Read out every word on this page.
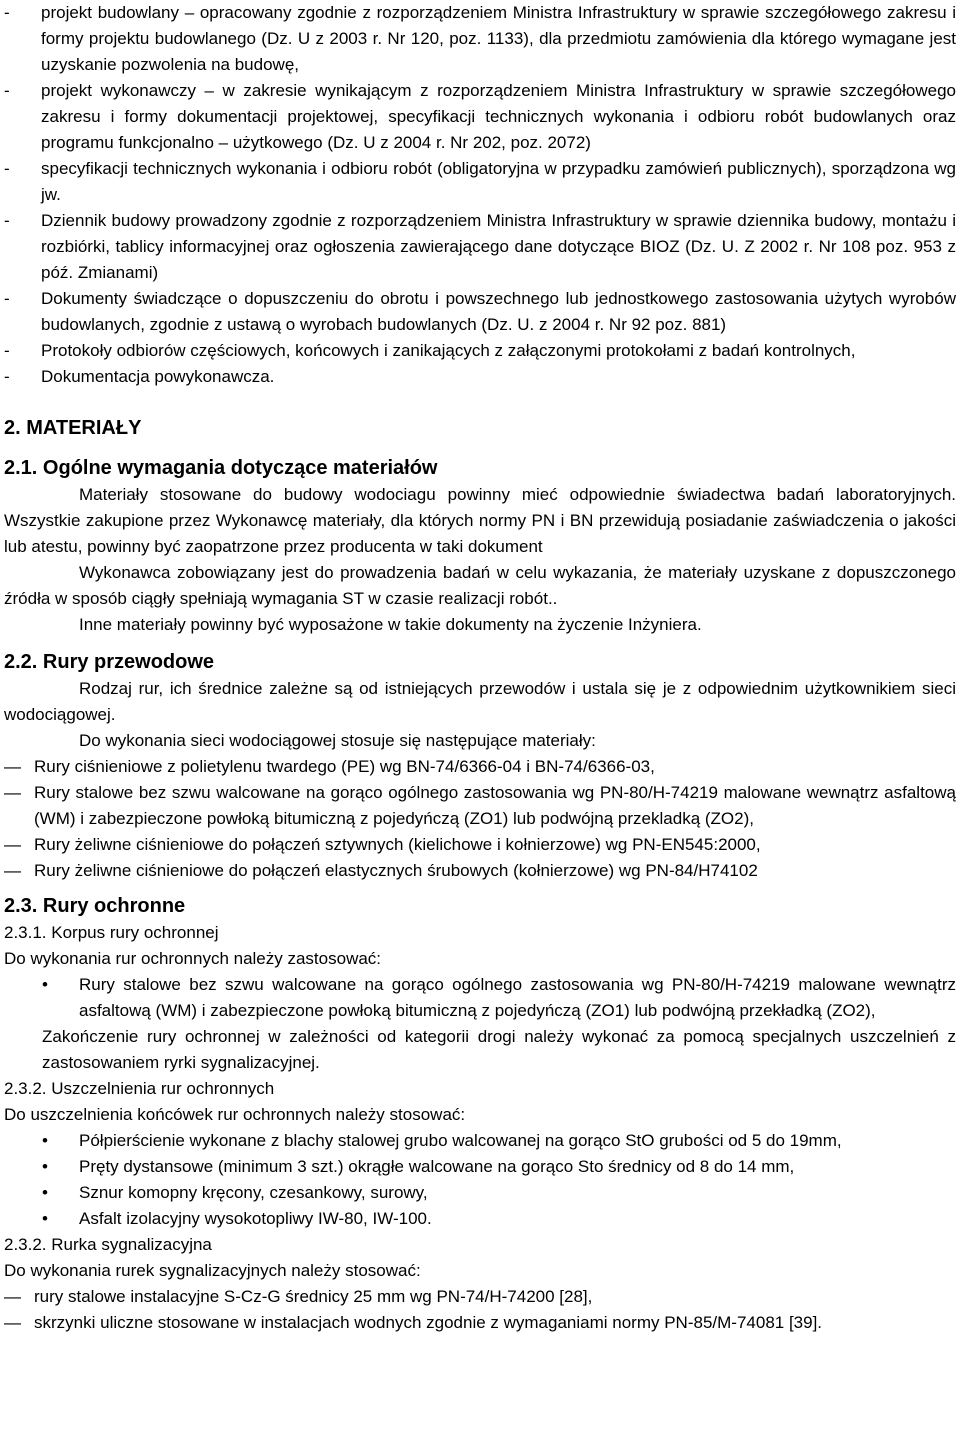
- projekt budowlany – opracowany zgodnie z rozporządzeniem Ministra Infrastruktury w sprawie szczegółowego zakresu i formy projektu budowlanego (Dz. U z 2003 r. Nr 120, poz. 1133), dla przedmiotu zamówienia dla którego wymagane jest uzyskanie pozwolenia na budowę,
- projekt wykonawczy – w zakresie wynikającym z rozporządzeniem Ministra Infrastruktury w sprawie szczegółowego zakresu i formy dokumentacji projektowej, specyfikacji technicznych wykonania i odbioru robót budowlanych oraz programu funkcjonalno – użytkowego (Dz. U z 2004 r. Nr 202, poz. 2072)
- specyfikacji technicznych wykonania i odbioru robót (obligatoryjna w przypadku zamówień publicznych), sporządzona wg jw.
- Dziennik budowy prowadzony zgodnie z rozporządzeniem Ministra Infrastruktury w sprawie dziennika budowy, montażu i rozbiórki, tablicy informacyjnej oraz ogłoszenia zawierającego dane dotyczące BIOZ (Dz. U. Z 2002 r. Nr 108 poz. 953 z póź. Zmianami)
- Dokumenty świadczące o dopuszczeniu do obrotu i powszechnego lub jednostkowego zastosowania użytych wyrobów budowlanych, zgodnie z ustawą o wyrobach budowlanych (Dz. U. z 2004 r. Nr 92 poz. 881)
- Protokoły odbiorów częściowych, końcowych i zanikających z załączonymi protokołami z badań kontrolnych,
- Dokumentacja powykonawcza.
2. MATERIAŁY
2.1. Ogólne wymagania dotyczące materiałów

Materiały stosowane do budowy wodociagu powinny mieć odpowiednie świadectwa badań laboratoryjnych. Wszystkie zakupione przez Wykonawcę materiały, dla których normy PN i BN przewidują posiadanie zaświadczenia o jakości lub atestu, powinny być zaopatrzone przez producenta w taki dokument

Wykonawca zobowiązany jest do prowadzenia badań w celu wykazania, że materiały uzyskane z dopuszczonego źródła w sposób ciągły spełniają wymagania ST w czasie realizacji robót..

Inne materiały powinny być wyposażone w takie dokumenty na życzenie Inżyniera.

2.2. Rury przewodowe

Rodzaj rur, ich średnice zależne są od istniejących przewodów i ustala się je z odpowiednim użytkownikiem sieci wodociągowej.

Do wykonania sieci wodociągowej stosuje się następujące materiały:

— Rury ciśnieniowe z polietylenu twardego (PE) wg BN-74/6366-04 i BN-74/6366-03,
— Rury stalowe bez szwu walcowane na gorąco ogólnego zastosowania wg PN-80/H-74219 malowane wewnątrz asfaltową (WM) i zabezpieczone powłoką bitumiczną z pojedyńczą (ZO1) lub podwójną przekladką (ZO2),
— Rury żeliwne ciśnieniowe do połączeń sztywnych (kielichowe i kołnierzowe) wg PN-EN545:2000,
— Rury żeliwne ciśnieniowe do połączeń elastycznych śrubowych (kołnierzowe) wg PN-84/H74102
2.3. Rury ochronne

2.3.1. Korpus rury ochronnej

Do wykonania rur ochronnych należy zastosować:

• Rury stalowe bez szwu walcowane na gorąco ogólnego zastosowania wg PN-80/H-74219 malowane wewnątrz asfaltową (WM) i zabezpieczone powłoką bitumiczną z pojedyńczą (ZO1) lub podwójną przekładką (ZO2),

Zakończenie rury ochronnej w zależności od kategorii drogi należy wykonać za pomocą specjalnych uszczelnień z zastosowaniem ryrki sygnalizacyjnej.

2.3.2. Uszczelnienia rur ochronnych

Do uszczelnienia końcówek rur ochronnych należy stosować:

• Półpierścienie wykonane z blachy stalowej grubo walcowanej na gorąco StO grubości od 5 do 19mm,
• Pręty dystansowe (minimum 3 szt.) okrągłe walcowane na gorąco Sto średnicy od 8 do 14 mm,
• Sznur komopny kręcony, czesankowy, surowy,
• Asfalt izolacyjny wysokotopliwy IW-80, IW-100.

2.3.2. Rurka sygnalizacyjna

Do wykonania rurek sygnalizacyjnych należy stosować:

— rury stalowe instalacyjne S-Cz-G średnicy 25 mm wg PN-74/H-74200 [28],
— skrzynki uliczne stosowane w instalacjach wodnych zgodnie z wymaganiami normy PN-85/M-74081 [39].
